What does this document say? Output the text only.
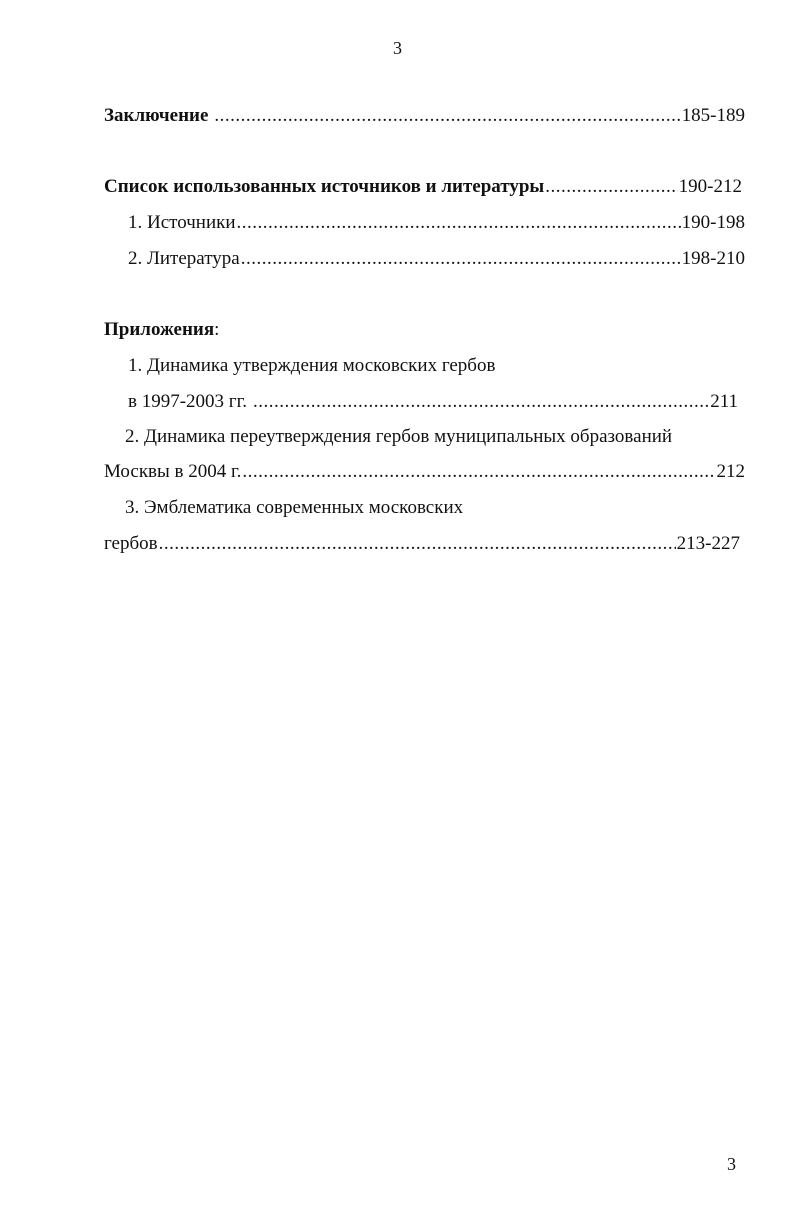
3
Заключение .....	185-189
Список использованных источников и литературы .....	190-212
1. Источники .....	190-198
2. Литература .....	198-210
Приложения:
1. Динамика утверждения московских гербов
в 1997-2003 гг. .....	211
2. Динамика переутверждения гербов муниципальных образований
Москвы в 2004 г. .....	212
3. Эмблематика современных московских
гербов .....	213-227
3
